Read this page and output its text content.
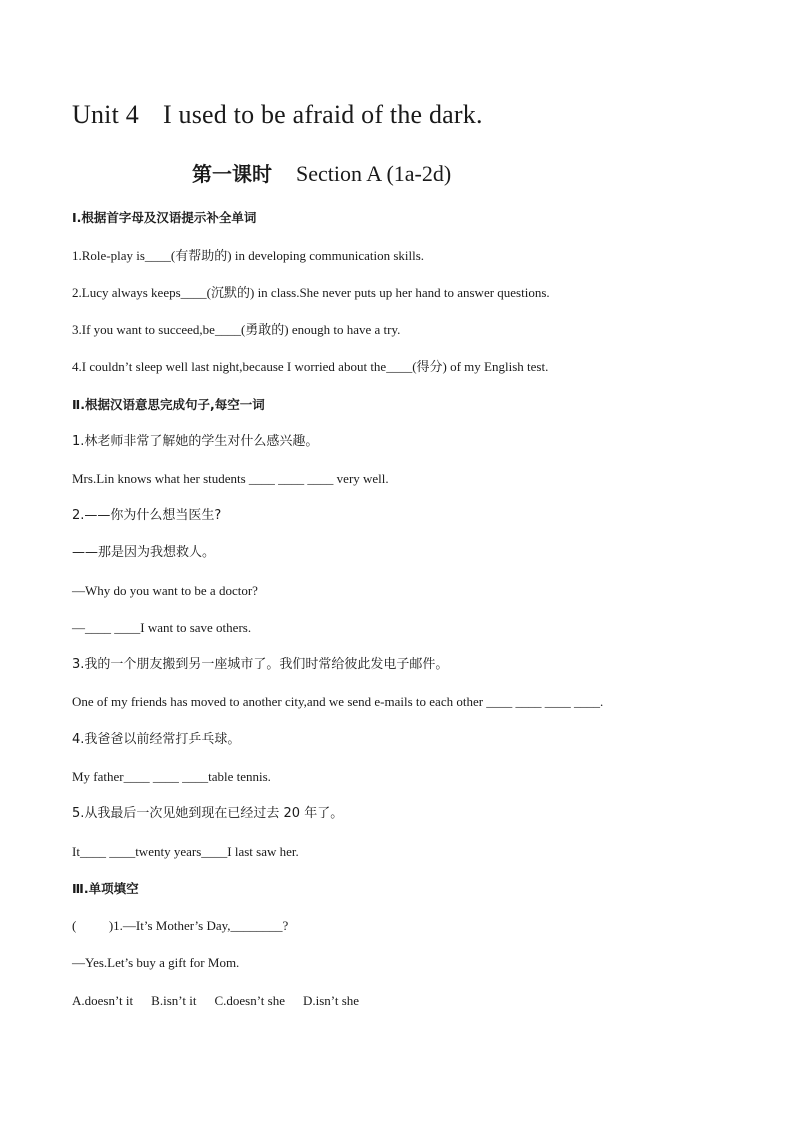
Unit 4 I used to be afraid of the dark.
第一课时 Section A (1a-2d)
Ⅰ.根据首字母及汉语提示补全单词
1.Role-play is____(有帮助的) in developing communication skills.
2.Lucy always keeps____(沉默的) in class.She never puts up her hand to answer questions.
3.If you want to succeed,be____(勇敢的) enough to have a try.
4.I couldn’t sleep well last night,because I worried about the____(得分) of my English test.
Ⅱ.根据汉语意思完成句子,每空一词
1.林老师非常了解她的学生对什么感兴趣。
Mrs.Lin knows what her students ____ ____ ____ very well.
2.——你为什么想当医生?
——那是因为我想救人。
—Why do you want to be a doctor?
—____ ____I want to save others.
3.我的一个朋友搬到另一座城市了。我们时常给彼此发电子邮件。
One of my friends has moved to another city,and we send e-mails to each other ____ ____ ____ ____.
4.我爸爸以前经常打乒乓球。
My father____ ____ ____table tennis.
5.从我最后一次见她到现在已经过去 20 年了。
It____ ____twenty years____I last saw her.
Ⅲ.单项填空
(          )1.—It’s Mother’s Day,________?
—Yes.Let’s buy a gift for Mom.
A.doesn’t it B.isn’t it C.doesn’t she D.isn’t she
